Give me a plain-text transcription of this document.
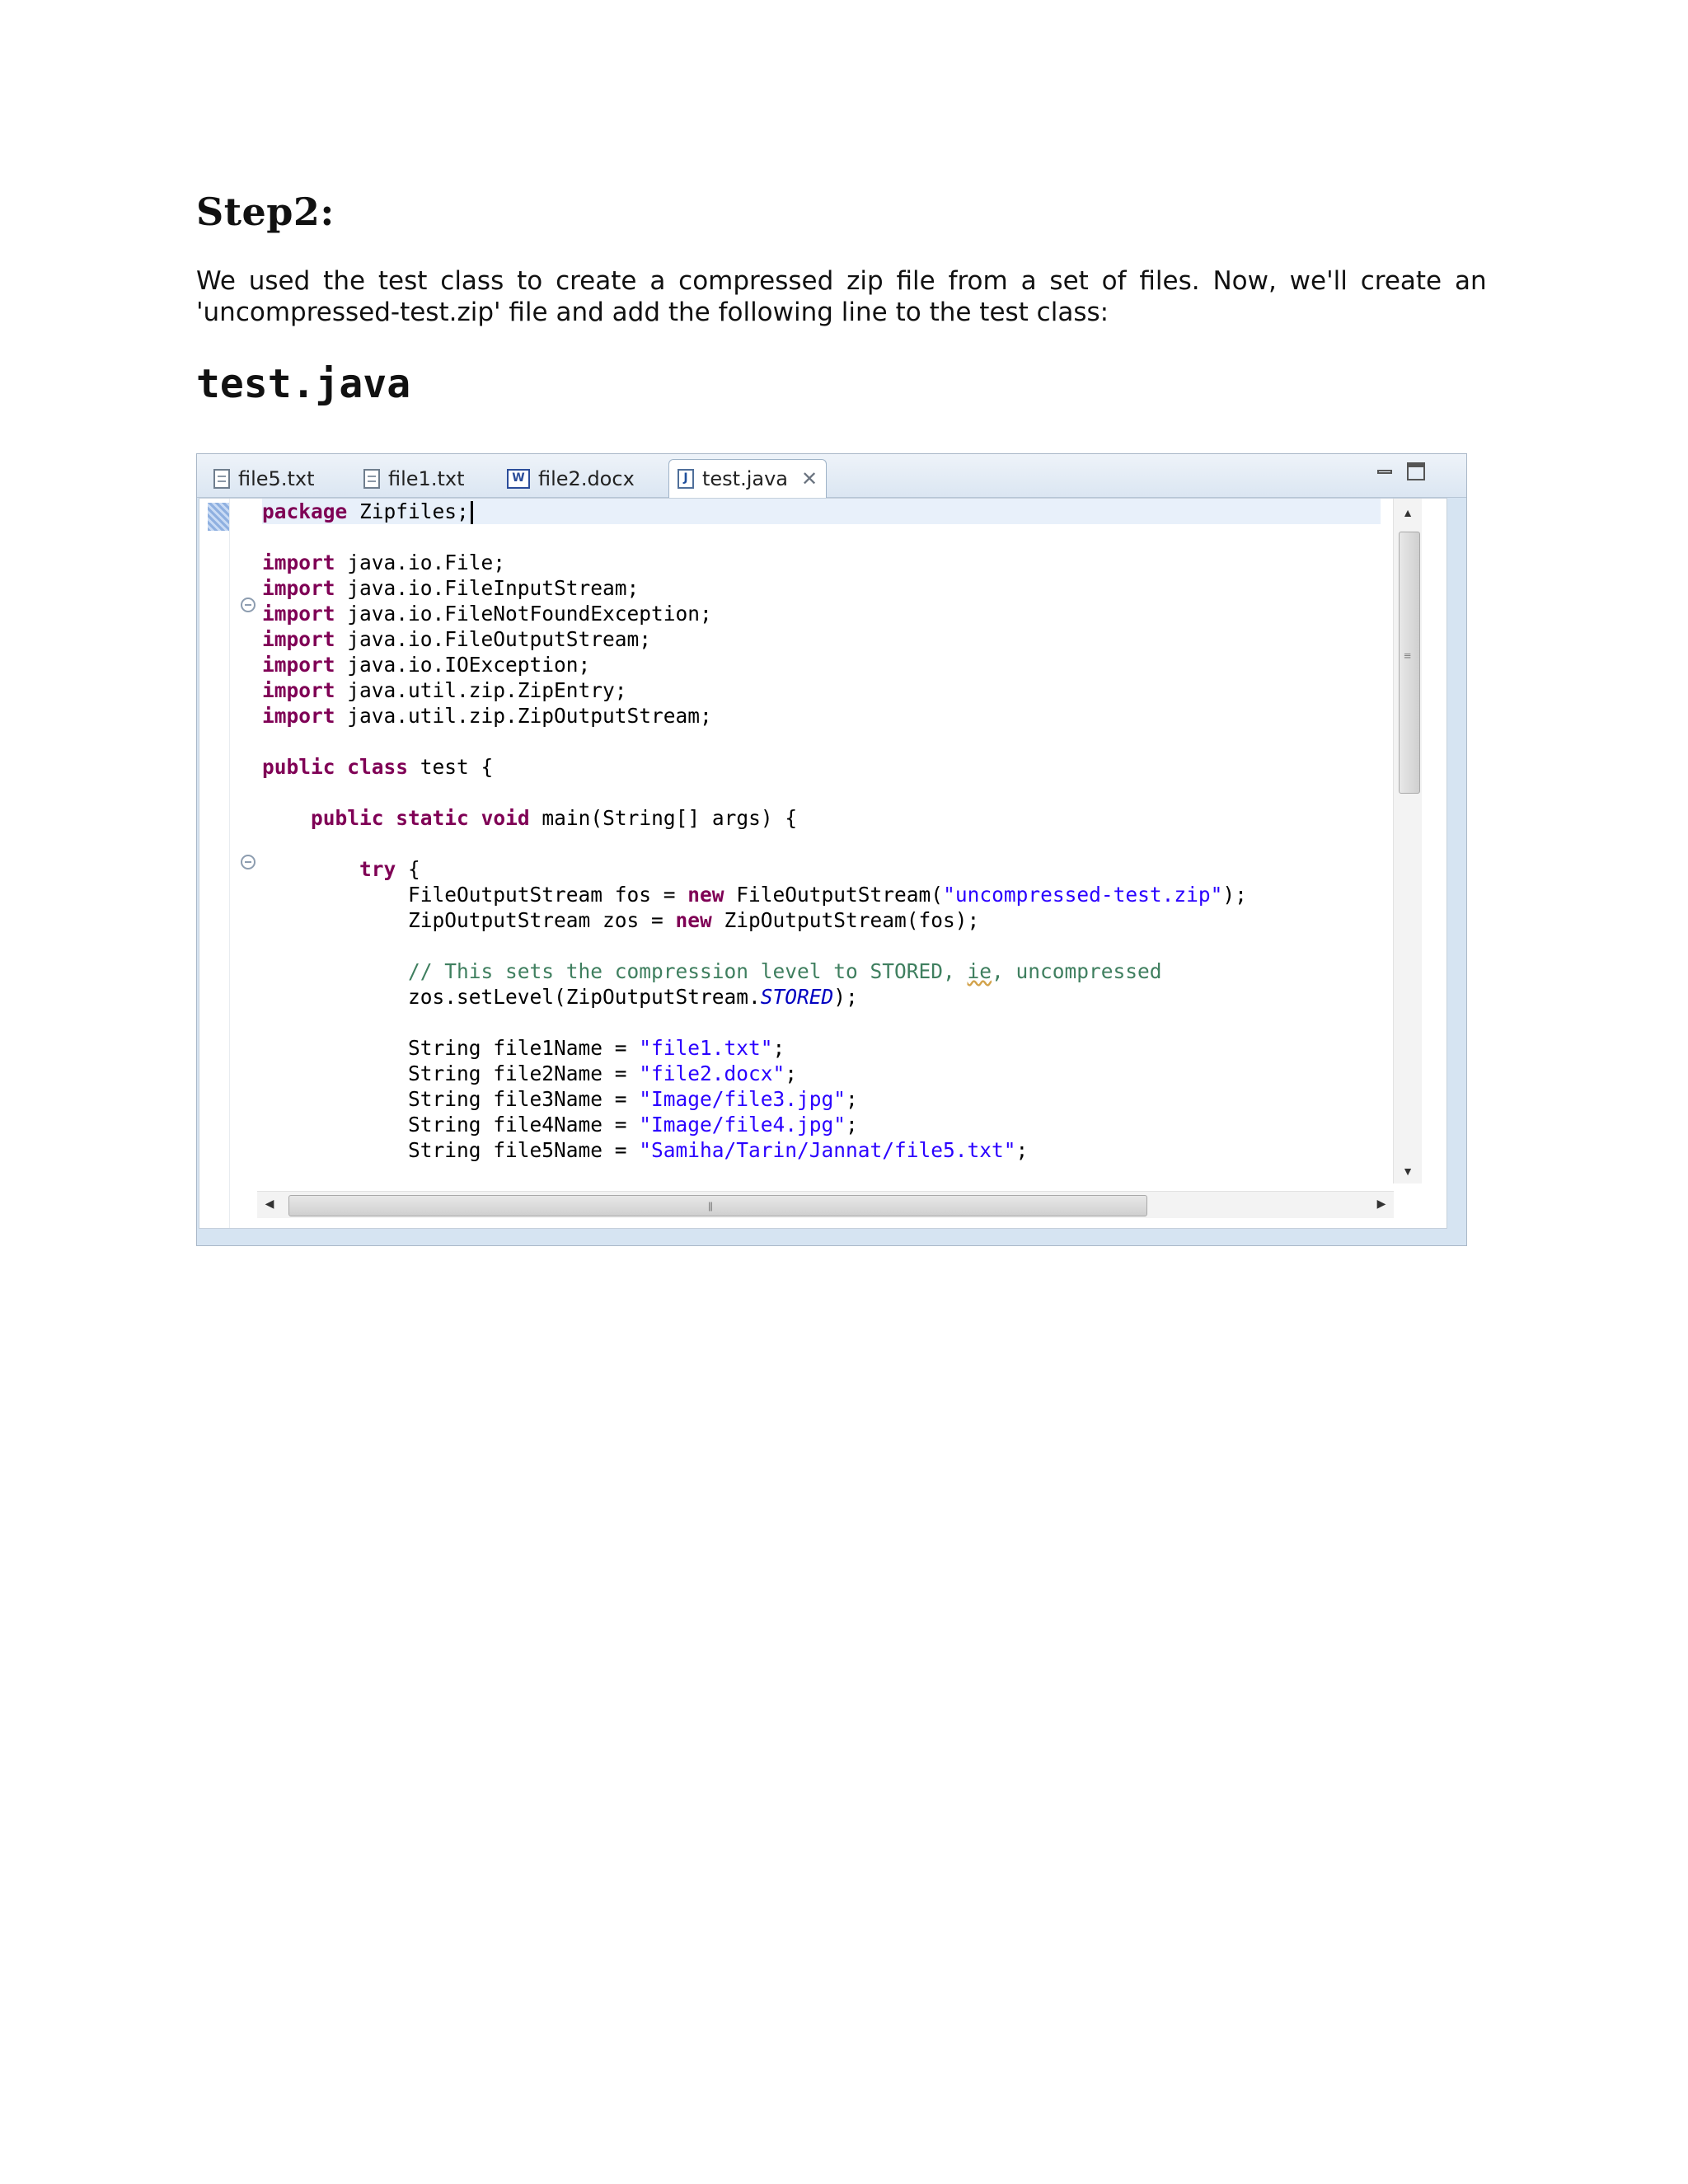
Step2:

We used the test class to create a compressed zip file from a set of files. Now, we'll create an
'uncompressed-test.zip' file and add the following line to the test class:

test.java
file5.txt	file1.txt	W file2.docx	J test.java ✕
package Zipfiles;

import java.io.File;
import java.io.FileInputStream;
import java.io.FileNotFoundException;
import java.io.FileOutputStream;
import java.io.IOException;
import java.util.zip.ZipEntry;
import java.util.zip.ZipOutputStream;

public class test {

public static void main(String[] args) {

try {
FileOutputStream fos = new FileOutputStream("uncompressed-test.zip");
ZipOutputStream zos = new ZipOutputStream(fos);

// This sets the compression level to STORED, ie, uncompressed
zos.setLevel(ZipOutputStream.STORED);

String file1Name = "file1.txt";
String file2Name = "file2.docx";
String file3Name = "Image/file3.jpg";
String file4Name = "Image/file4.jpg";
String file5Name = "Samiha/Tarin/Jannat/file5.txt";
▲
≡
▼
◀
|||	▶
